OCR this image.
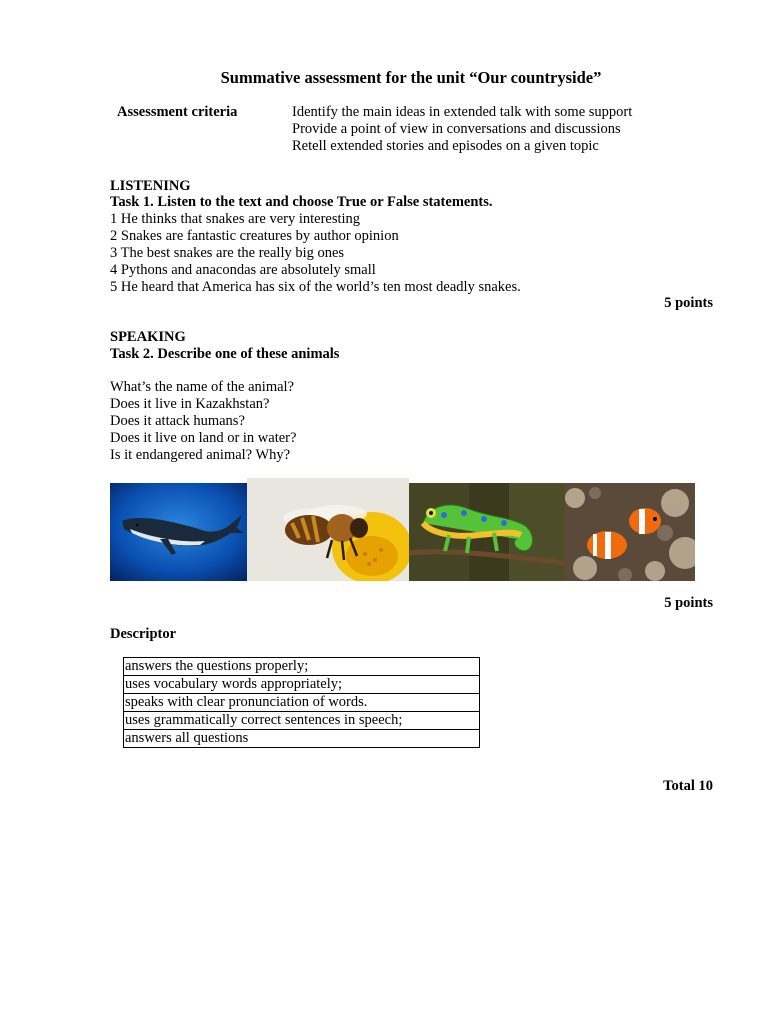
Summative assessment for the unit “Our countryside”
Assessment criteria	Identify the main ideas in extended talk with some support
Provide a point of view in conversations and discussions
Retell extended stories and episodes on a given topic
LISTENING
Task 1. Listen to the text and choose True or False statements.
1 He thinks that snakes are very interesting
2 Snakes are fantastic creatures by author opinion
3 The best snakes are the really big ones
4 Pythons and anacondas are absolutely small
5 He heard that America has six of the world’s ten most deadly snakes.
5 points
SPEAKING
Task 2. Describe one of these animals
What’s the name of the animal?
Does it live in Kazakhstan?
Does it attack humans?
Does it live on land or in water?
Is it endangered animal? Why?
5 points
Descriptor
answers the questions properly;
uses vocabulary words appropriately;
speaks with clear pronunciation of words.
uses grammatically correct sentences in speech;
answers all questions
Total 10
